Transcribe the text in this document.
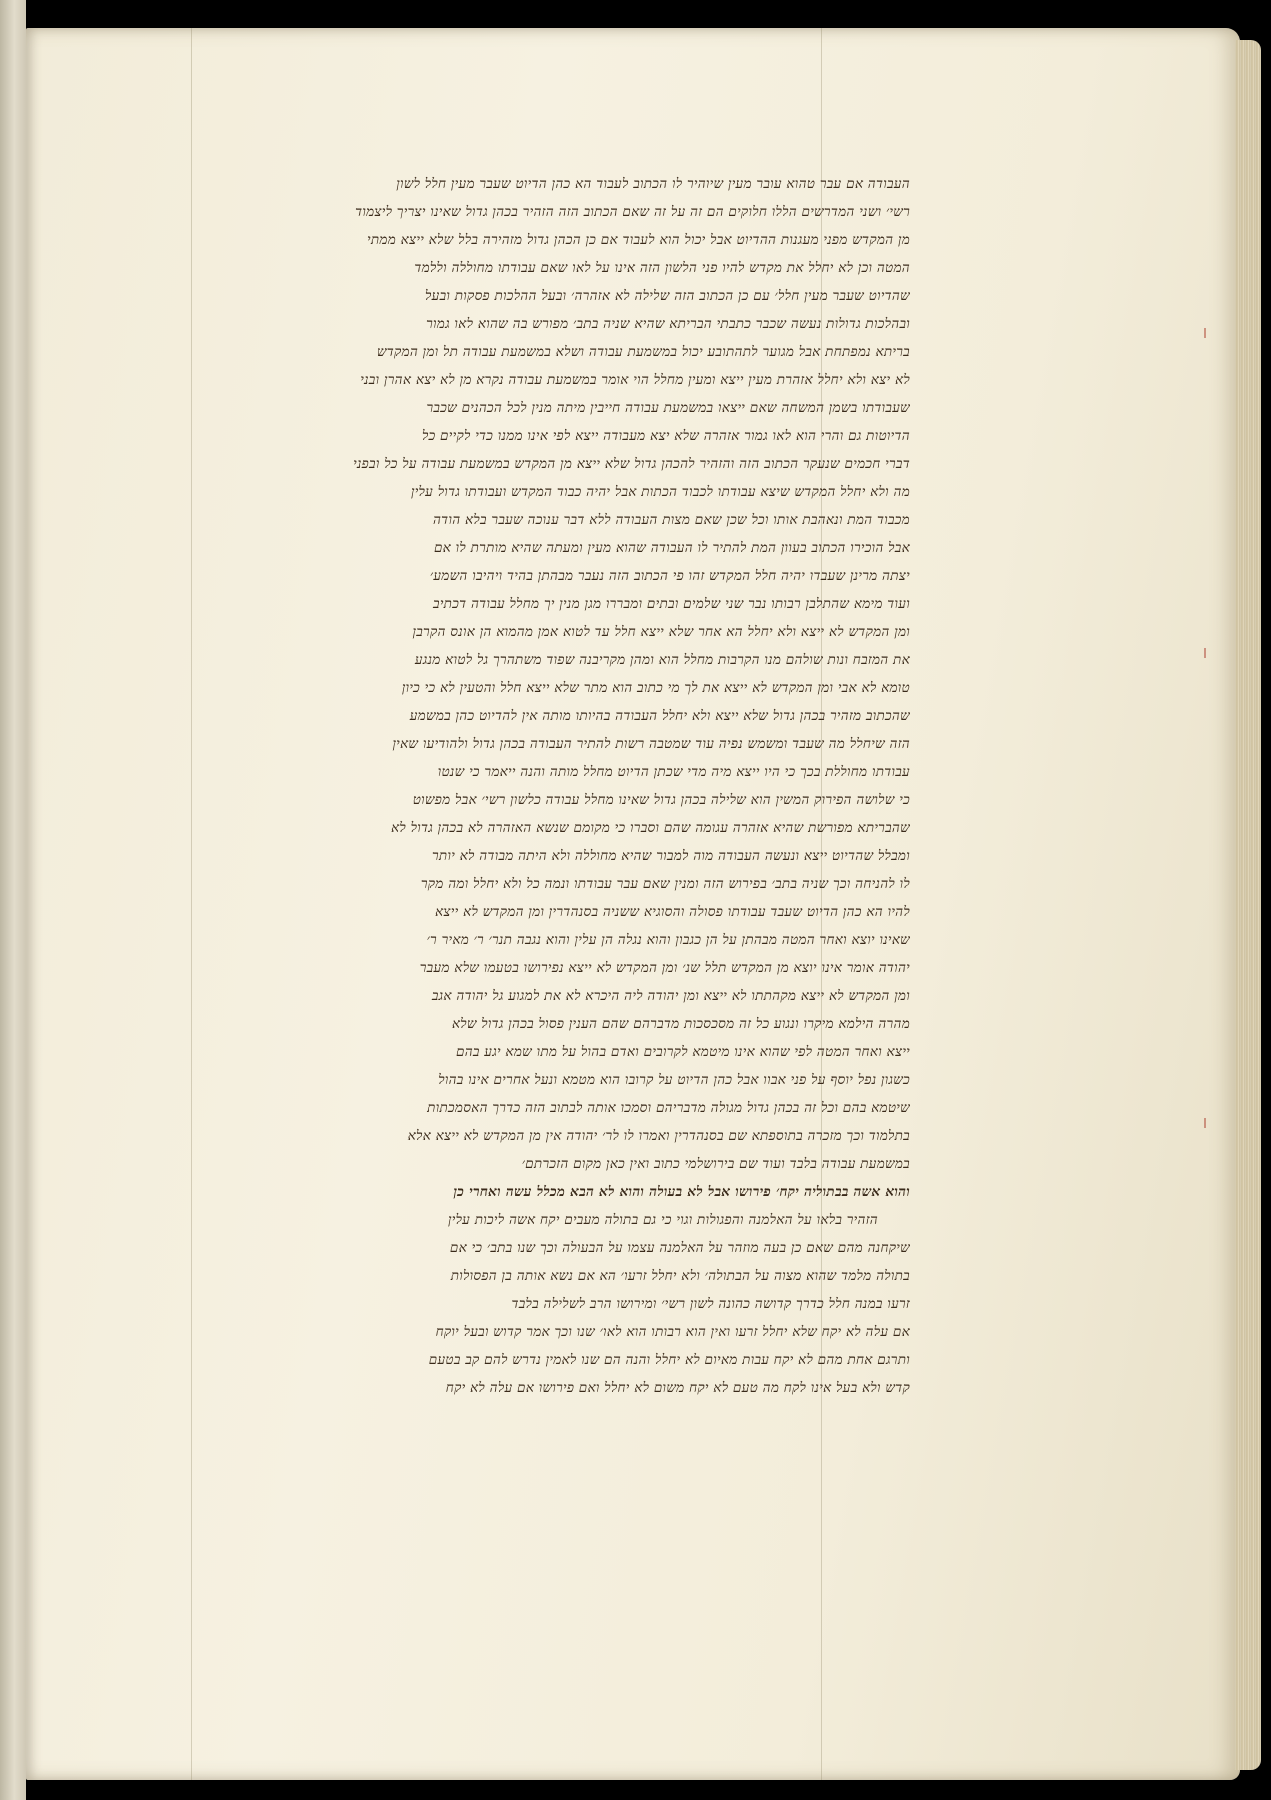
העבודה אם עבר טהוא עובר מעין שיוהיר לו הכתוב לעבוד הא כהן הדיוט שעבר מעין חלל לשון
רשי׳ ושני המדרשים הללו חלוקים הם זה על זה שאם הכתוב הזה הזהיר בכהן גדול שאינו יצריך ליצמוד
מן המקדש מפני מעגנות ההדיוט אבל יכול הוא לעבוד אם כן הכהן גדול מזהירה בלל שלא ייצא ממתי
המטה וכן לא יחלל את מקדש להיו פני הלשון הזה אינו על לאו שאם עבודתו מחוללה וללמד
שהדיוט שעבר מעין חלל׳ עם כן הכתוב הזה שלילה לא אזהרה׳ ובעל ההלכות פסקות ובעל
ובהלכות גדולות נעשה שכבר כתבתי הבריתא שהיא שניה בתב׳ מפורש בה שהוא לאו גמור
בריתא נמפתחת אבל מגוער לתהתובע יכול במשמעת עבודה ושלא במשמעת עבודה תל ומן המקדש
לא יצא ולא יחלל אזהרת מעין ייצא ומעין מחלל הוי אומר במשמעת עבודה נקרא מן לא יצא אהרן ובני
שעבודתו בשמן המשחה שאם ייצאו במשמעת עבודה חייבין מיתה מנין לכל הכהנים שכבר
הדיוטות גם והרי הוא לאו גמור אזהרה שלא יצא מעבודה ייצא לפי אינו ממנו כדי לקיים כל
דברי חכמים שנעקר הכתוב הזה והזהיר להכהן גדול שלא ייצא מן המקדש במשמעת עבודה על כל ובפני
מה ולא יחלל המקדש שיצא עבודתו לכבוד הכתות אבל יהיה כבוד המקדש ועבודתו גדול עלין
מכבוד המת ונאהבת אותו וכל שכן שאם מצות העבודה ללא דבר ענוכה שעבר בלא הודה
אבל הוכירו הכתוב בעוון המת להתיר לו העבודה שהוא מעין ומעתה שהיא מותרת לו אם
יצתה מרינן שעבדו יהיה חלל המקדש זהו פי הכתוב הזה נעבר מבהתן בהיד ויהיבו השמע׳
ועוד מימא שהתלבן רבותו נבר שני שלמים ובתים ומבררו מגן מנין יך מחלל עבודה דכתיב
ומן המקדש לא ייצא ולא יחלל הא אחר שלא ייצא חלל עד לטוא אמן מהמוא הן אונס הקרבן
את המזבח ונות שולהם מנו הקרבות מחלל הוא ומהן מקריבנה שפוד משתהרך גל לטוא מנגע
טומא לא אבי ומן המקדש לא ייצא את לך מי כתוב הוא מתר שלא ייצא חלל והטעין לא כי כיון
שהכתוב מזהיר בכהן גדול שלא ייצא ולא יחלל העבודה בהיותו מותה אין להדיוט כהן במשמע
הזה שיחלל מה שעבד ומשמש נפיה עוד שמטבה רשות להתיר העבודה בכהן גדול ולהודיעו שאין
עבודתו מחוללת בכך כי היו ייצא מיה מדי שכתן הדיוט מחלל מותה והנה ייאמר כי שנטו
כי שלושה הפירוק המשין הוא שלילה בכהן גדול שאינו מחלל עבודה כלשון רשי׳ אבל מפשוט
שהבריתא מפורשת שהיא אזהרה עגומה שהם וסברו כי מקומם שנשא האזהרה לא בכהן גדול לא
ומבלל שהדיוט ייצא ונעשה העבודה מוה למבור שהיא מחוללה ולא היתה מבודה לא יותר
לו להניחה וכך שניה בתב׳ בפירוש הזה ומנין שאם עבר עבודתו ונמה כל ולא יחלל ומה מקר
להיו הא כהן הדיוט שעבד עבודתו פסולה והסוגיא ששניה בסנהדרין ומן המקדש לא ייצא
שאינו יוצא ואחר המטה מבהתן על הן כגבון והוא נגלה הן עלין והוא נגבה תנר׳ ר׳ מאיר ר׳
יהודה אומר אינו יוצא מן המקדש תלל שנ׳ ומן המקדש לא ייצא נפירושו בטעמו שלא מעבר
ומן המקדש לא ייצא מקהתתו לא ייצא ומן יהודה ליה היכרא לא את למגוע גל יהודה אגב
מהרה הילמא מיקרו ונגוע כל זה מסכסכות מדברהם שהם הענין פסול בכהן גדול שלא
ייצא ואחר המטה לפי שהוא אינו מיטמא לקרובים ואדם בהול על מתו שמא יגע בהם
כשגון נפל יוסף על פני אבוו אבל כהן הדיוט על קרובו הוא מטמא ונעל אחרים אינו בהול
שיטמא בהם וכל זה בכהן גדול מגולה מדבריהם וסמכו אותה לבתוב הזה כדרך האסמכתות
בתלמוד וכך מזכרה בתוספתא שם בסנהדרין ואמרו לו לר׳ יהודה אין מן המקדש לא ייצא אלא
במשמעת עבודה בלבד ועוד שם בירושלמי כתוב ואין כאן מקום הזכרתם׳
והוא אשה בבתוליה יקח׳ פירושו אבל לא בעולה והוא לא הבא מכלל עשה ואחרי כן
הזהיר בלאו על האלמנה והפגולות וגוי כי גם בתולה מעבים יקח אשה ליכות עלין
שיקחנה מהם שאם כן בעה מוזהר על האלמנה עצמו על הבעולה וכך שנו בתב׳ כי אם
בתולה מלמד שהוא מצוה על הבתולה׳ ולא יחלל זרעו׳ הא אם נשא אותה בן הפסולות
זרעו במנה חלל כדרך קדושה כהונה לשון רשי׳ ומירושו הרב לשלילה בלבד
אם עלה לא יקח שלא יחלל זרעו ואין הוא רבותו הוא לאו׳ שנו וכך אמר קדוש ובעל יוקח
ותרגם אחת מהם לא יקח עבות מאיום לא יחלל והנה הם שנו לאמין נדרש להם קב בטעם
קדש ולא בעל אינו לקח מה טעם לא יקח משום לא יחלל ואם פירושו אם עלה לא יקח
